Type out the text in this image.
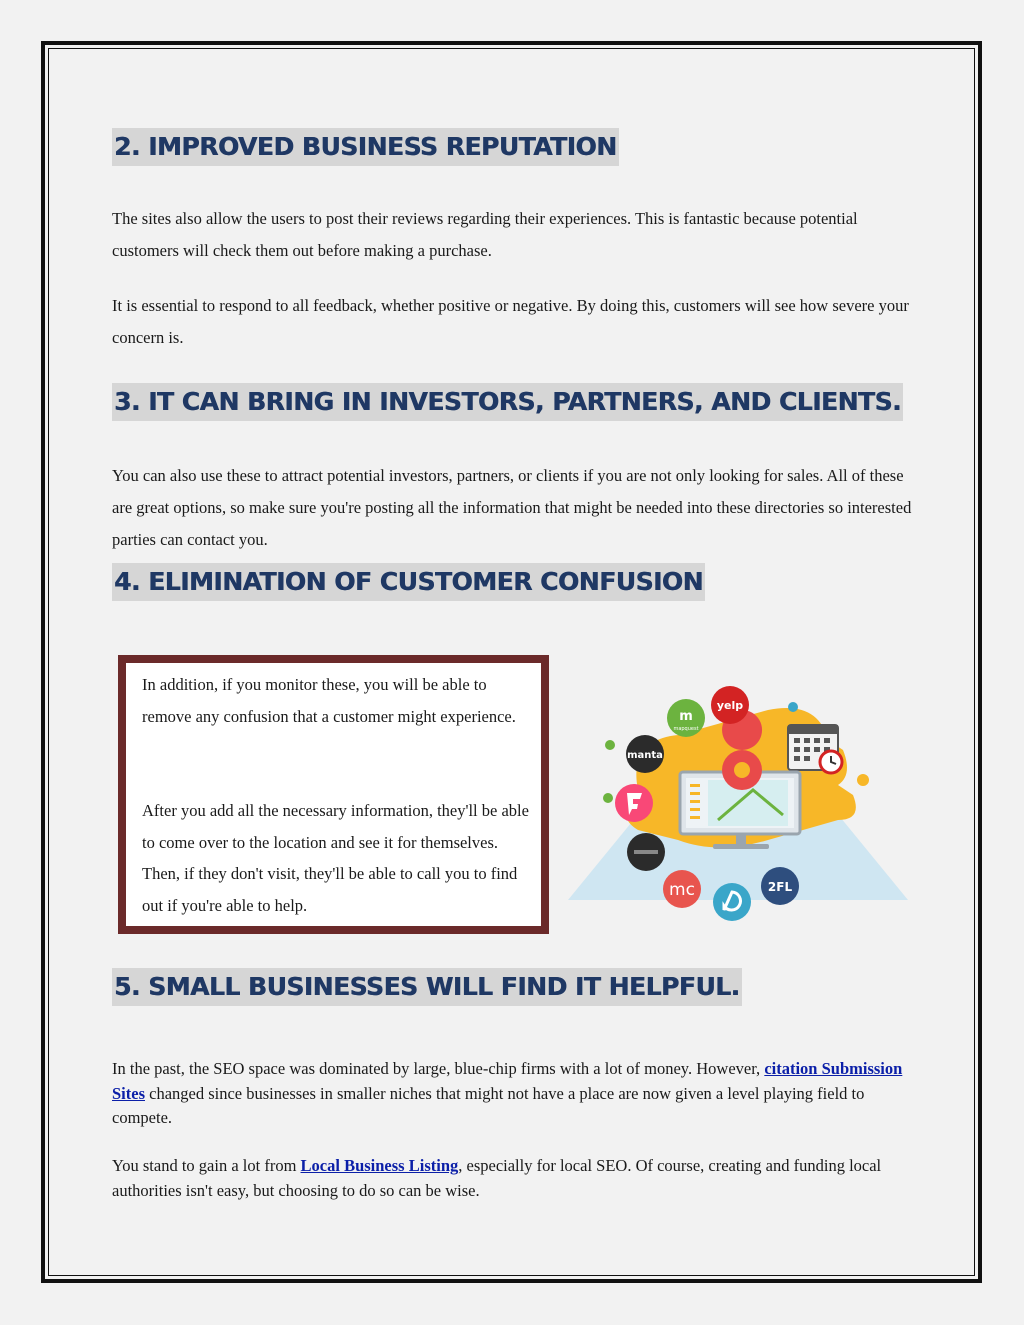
2. IMPROVED BUSINESS REPUTATION

The sites also allow the users to post their reviews regarding their experiences. This is fantastic because potential customers will check them out before making a purchase.

It is essential to respond to all feedback, whether positive or negative. By doing this, customers will see how severe your concern is.

3. IT CAN BRING IN INVESTORS, PARTNERS, AND CLIENTS.

You can also use these to attract potential investors, partners, or clients if you are not only looking for sales. All of these are great options, so make sure you're posting all the information that might be needed into these directories so interested parties can contact you.

4. ELIMINATION OF CUSTOMER CONFUSION

In addition, if you monitor these, you will be able to remove any confusion that a customer might experience.

After you add all the necessary information, they'll be able to come over to the location and see it for themselves. Then, if they don't visit, they'll be able to call you to find out if you're able to help.

yelp
m
mapquest
manta
mc	2FL
5. SMALL BUSINESSES WILL FIND IT HELPFUL.

In the past, the SEO space was dominated by large, blue-chip firms with a lot of money. However, citation Submission Sites changed since businesses in smaller niches that might not have a place are now given a level playing field to compete.

You stand to gain a lot from Local Business Listing, especially for local SEO. Of course, creating and funding local authorities isn't easy, but choosing to do so can be wise.
